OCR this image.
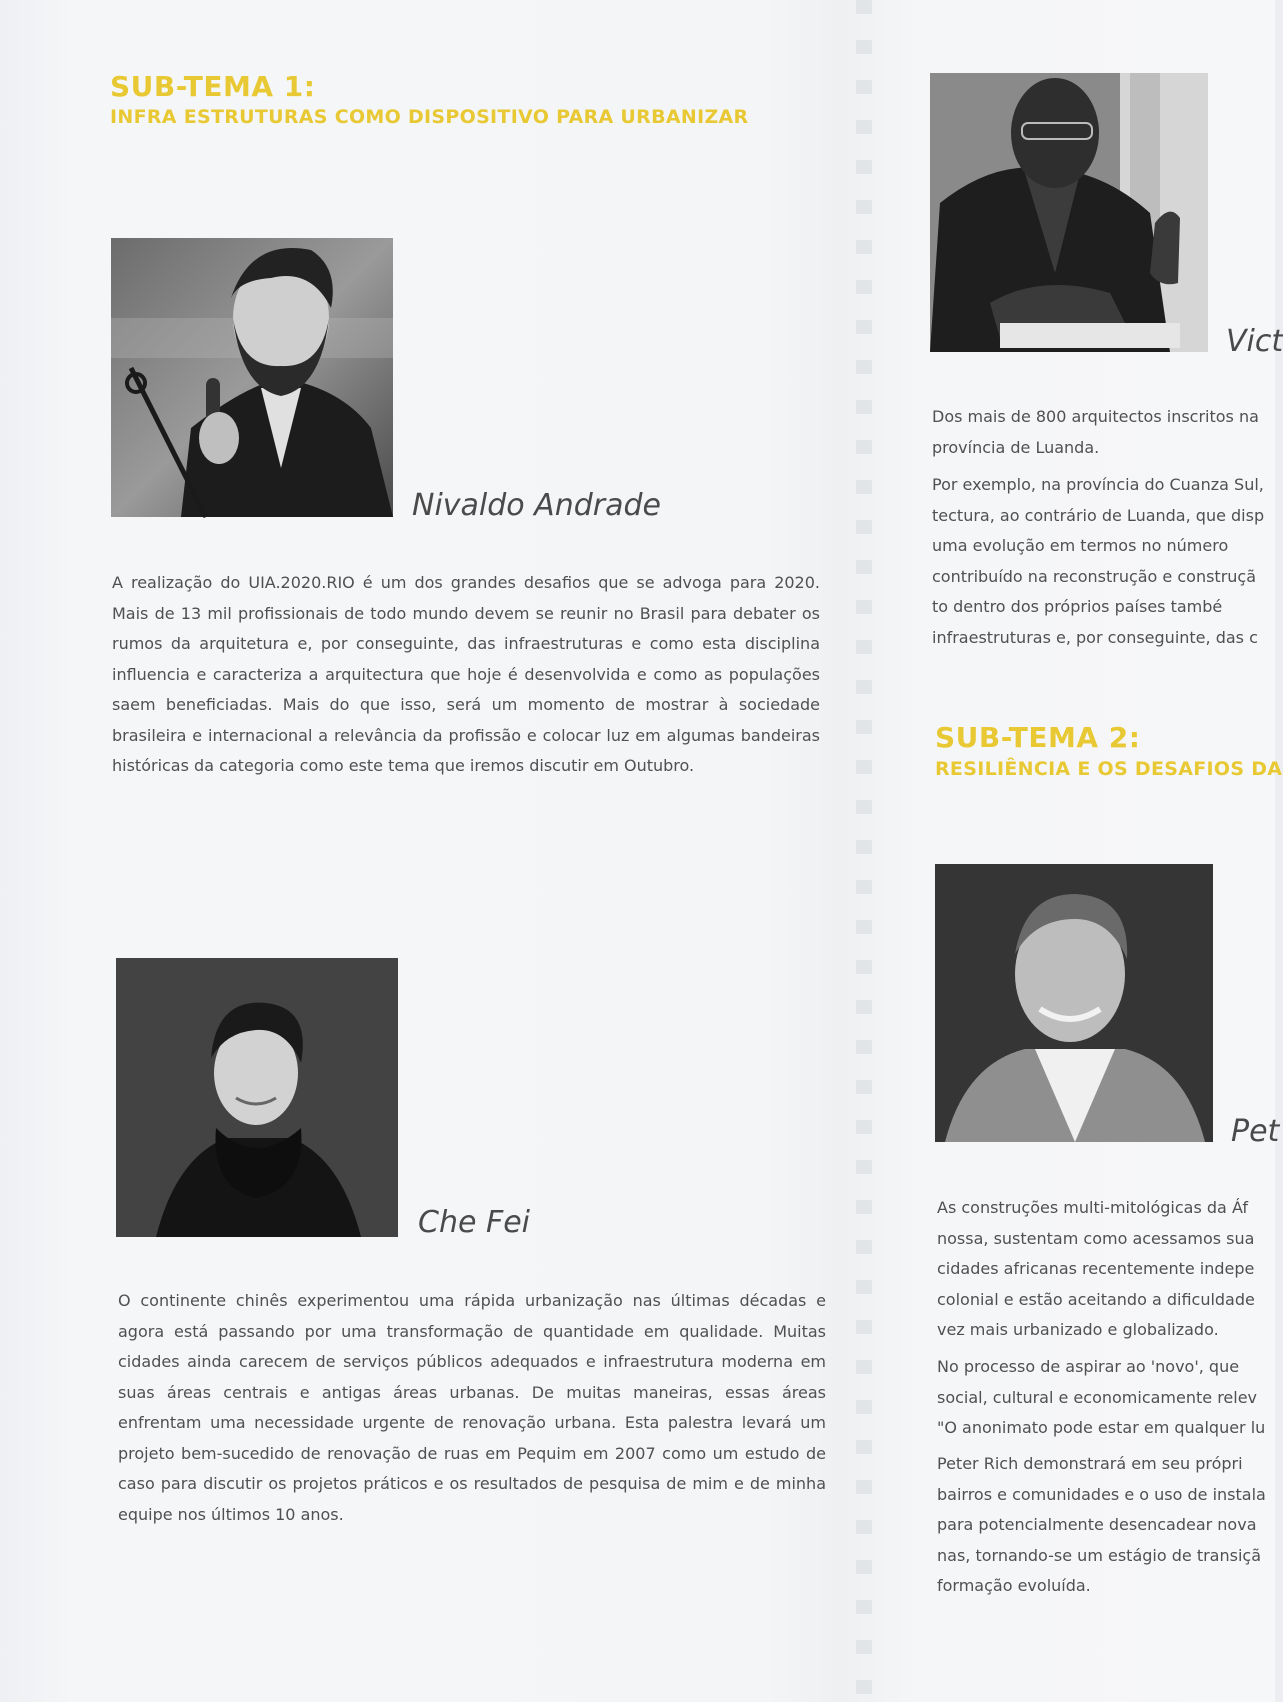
SUB-TEMA 1:
INFRA ESTRUTURAS COMO DISPOSITIVO PARA URBANIZAR
Nivaldo Andrade

A realização do UIA.2020.RIO é um dos grandes desafios que se advoga para 2020. Mais de 13 mil profissionais de todo mundo devem se reunir no Brasil para debater os rumos da arquitetura e, por conseguinte, das infraestruturas e como esta disciplina influencia e caracteriza a arquitectura que hoje é desenvolvida e como as populações saem beneficiadas. Mais do que isso, será um momento de mostrar à sociedade brasileira e internacional a relevância da profissão e colocar luz em algumas bandeiras históricas da categoria como este tema que iremos discutir em Outubro.

Che Fei

O continente chinês experimentou uma rápida urbanização nas últimas décadas e agora está passando por uma transformação de quantidade em qualidade. Muitas cidades ainda carecem de serviços públicos adequados e infraestrutura moderna em suas áreas centrais e antigas áreas urbanas. De muitas maneiras, essas áreas enfrentam uma necessidade urgente de renovação urbana. Esta palestra levará um projeto bem-sucedido de renovação de ruas em Pequim em 2007 como um estudo de caso para discutir os projetos práticos e os resultados de pesquisa de mim e de minha equipe nos últimos 10 anos.

Vict
Dos mais de 800 arquitectos inscritos na
província de Luanda.
Por exemplo, na província do Cuanza Sul,
tectura, ao contrário de Luanda, que disp
uma evolução em termos no número
contribuído na reconstrução e construçã
to dentro dos próprios países també
infraestruturas e, por conseguinte, das c
SUB-TEMA 2:
RESILIÊNCIA E OS DESAFIOS DA
Pet
As construções multi-mitológicas da Áf
nossa, sustentam como acessamos sua
cidades africanas recentemente indepe
colonial e estão aceitando a dificuldade
vez mais urbanizado e globalizado.
No processo de aspirar ao 'novo', que
social, cultural e economicamente relev
"O anonimato pode estar em qualquer lu
Peter Rich demonstrará em seu própri
bairros e comunidades e o uso de instala
para potencialmente desencadear nova
nas, tornando-se um estágio de transiçã
formação evoluída.
